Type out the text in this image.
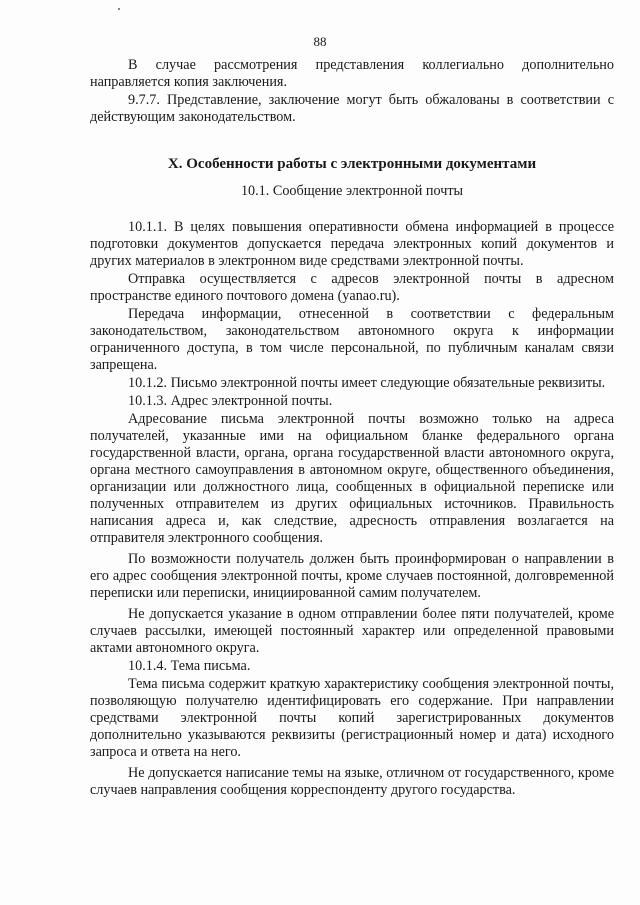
88

В случае рассмотрения представления коллегиально дополнительно направляется копия заключения.

9.7.7. Представление, заключение могут быть обжалованы в соответствии с действующим законодательством.

X. Особенности работы с электронными документами
10.1. Сообщение электронной почты

10.1.1. В целях повышения оперативности обмена информацией в процессе подготовки документов допускается передача электронных копий документов и других материалов в электронном виде средствами электронной почты.

Отправка осуществляется с адресов электронной почты в адресном пространстве единого почтового домена (yanao.ru).

Передача информации, отнесенной в соответствии с федеральным законодательством, законодательством автономного округа к информации ограниченного доступа, в том числе персональной, по публичным каналам связи запрещена.

10.1.2. Письмо электронной почты имеет следующие обязательные реквизиты.

10.1.3. Адрес электронной почты.

Адресование письма электронной почты возможно только на адреса получателей, указанные ими на официальном бланке федерального органа государственной власти, органа, органа государственной власти автономного округа, органа местного самоуправления в автономном округе, общественного объединения, организации или должностного лица, сообщенных в официальной переписке или полученных отправителем из других официальных источников. Правильность написания адреса и, как следствие, адресность отправления возлагается на отправителя электронного сообщения.

По возможности получатель должен быть проинформирован о направлении в его адрес сообщения электронной почты, кроме случаев постоянной, долговременной переписки или переписки, инициированной самим получателем.

Не допускается указание в одном отправлении более пяти получателей, кроме случаев рассылки, имеющей постоянный характер или определенной правовыми актами автономного округа.

10.1.4. Тема письма.

Тема письма содержит краткую характеристику сообщения электронной почты, позволяющую получателю идентифицировать его содержание. При направлении средствами электронной почты копий зарегистрированных документов дополнительно указываются реквизиты (регистрационный номер и дата) исходного запроса и ответа на него.

Не допускается написание темы на языке, отличном от государственного, кроме случаев направления сообщения корреспонденту другого государства.
